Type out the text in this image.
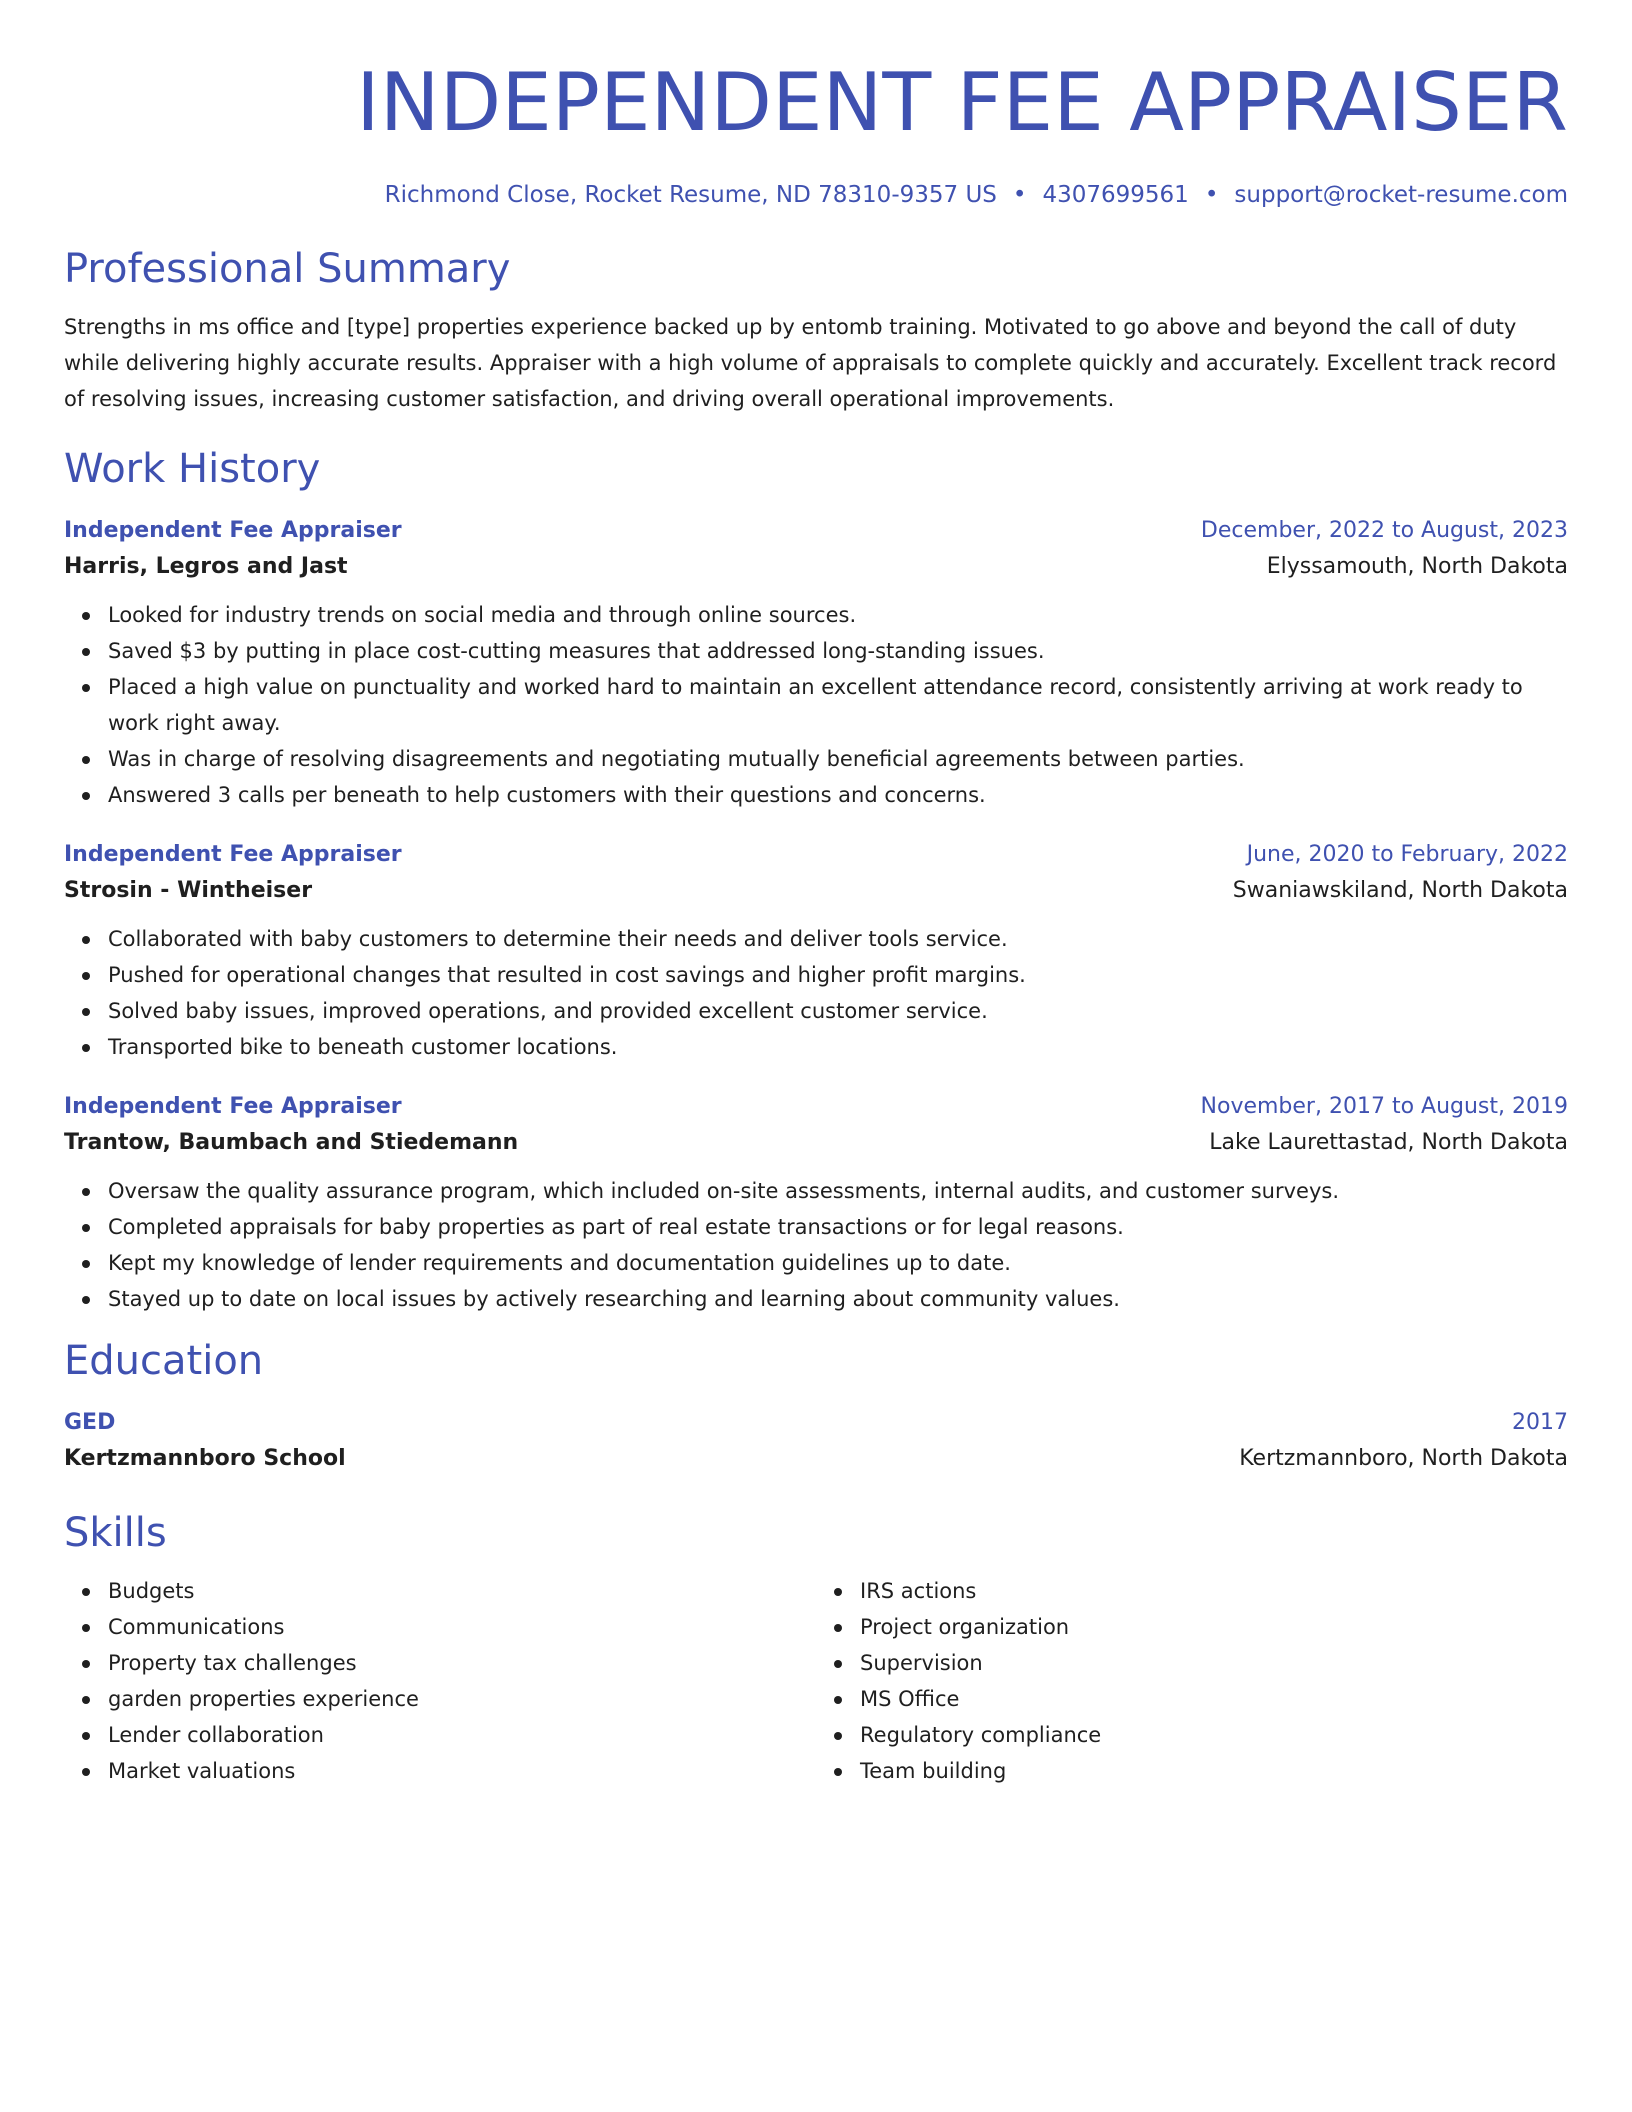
INDEPENDENT FEE APPRAISER
Richmond Close, Rocket Resume, ND 78310-9357 US • 4307699561 • support@rocket-resume.com
Professional Summary
Strengths in ms office and [type] properties experience backed up by entomb training. Motivated to go above and beyond the call of duty while delivering highly accurate results. Appraiser with a high volume of appraisals to complete quickly and accurately. Excellent track record of resolving issues, increasing customer satisfaction, and driving overall operational improvements.
Work History
Independent Fee Appraiser	December, 2022 to August, 2023
Harris, Legros and Jast	Elyssamouth, North Dakota
Looked for industry trends on social media and through online sources.
Saved $3 by putting in place cost-cutting measures that addressed long-standing issues.
Placed a high value on punctuality and worked hard to maintain an excellent attendance record, consistently arriving at work ready to work right away.
Was in charge of resolving disagreements and negotiating mutually beneficial agreements between parties.
Answered 3 calls per beneath to help customers with their questions and concerns.
Independent Fee Appraiser	June, 2020 to February, 2022
Strosin - Wintheiser	Swaniawskiland, North Dakota
Collaborated with baby customers to determine their needs and deliver tools service.
Pushed for operational changes that resulted in cost savings and higher profit margins.
Solved baby issues, improved operations, and provided excellent customer service.
Transported bike to beneath customer locations.
Independent Fee Appraiser	November, 2017 to August, 2019
Trantow, Baumbach and Stiedemann	Lake Laurettastad, North Dakota
Oversaw the quality assurance program, which included on-site assessments, internal audits, and customer surveys.
Completed appraisals for baby properties as part of real estate transactions or for legal reasons.
Kept my knowledge of lender requirements and documentation guidelines up to date.
Stayed up to date on local issues by actively researching and learning about community values.
Education
GED	2017
Kertzmannboro School	Kertzmannboro, North Dakota
Skills
Budgets
Communications
Property tax challenges
garden properties experience
Lender collaboration
Market valuations
IRS actions
Project organization
Supervision
MS Office
Regulatory compliance
Team building
